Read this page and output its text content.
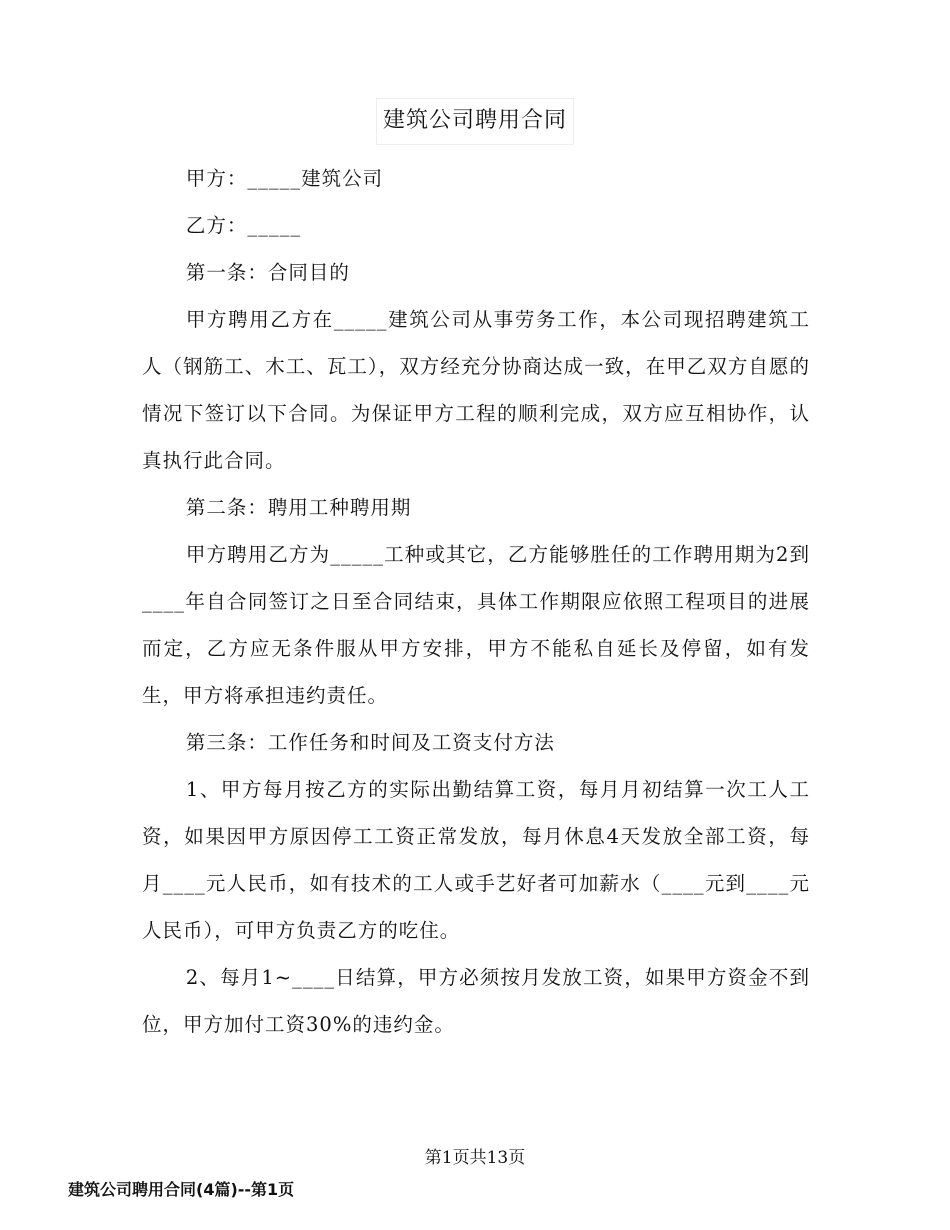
建筑公司聘用合同

甲方：_____建筑公司

乙方：_____

第一条：合同目的

甲方聘用乙方在_____建筑公司从事劳务工作，本公司现招聘建筑工人（钢筋工、木工、瓦工），双方经充分协商达成一致，在甲乙双方自愿的情况下签订以下合同。为保证甲方工程的顺利完成，双方应互相协作，认真执行此合同。

第二条：聘用工种聘用期

甲方聘用乙方为_____工种或其它，乙方能够胜任的工作聘用期为2到____年自合同签订之日至合同结束，具体工作期限应依照工程项目的进展而定，乙方应无条件服从甲方安排，甲方不能私自延长及停留，如有发生，甲方将承担违约责任。

第三条：工作任务和时间及工资支付方法

1、甲方每月按乙方的实际出勤结算工资，每月月初结算一次工人工资，如果因甲方原因停工工资正常发放，每月休息4天发放全部工资，每月____元人民币，如有技术的工人或手艺好者可加薪水（____元到____元人民币），可甲方负责乙方的吃住。

2、每月1~____日结算，甲方必须按月发放工资，如果甲方资金不到位，甲方加付工资30%的违约金。

第1页共13页
建筑公司聘用合同(4篇)--第1页
